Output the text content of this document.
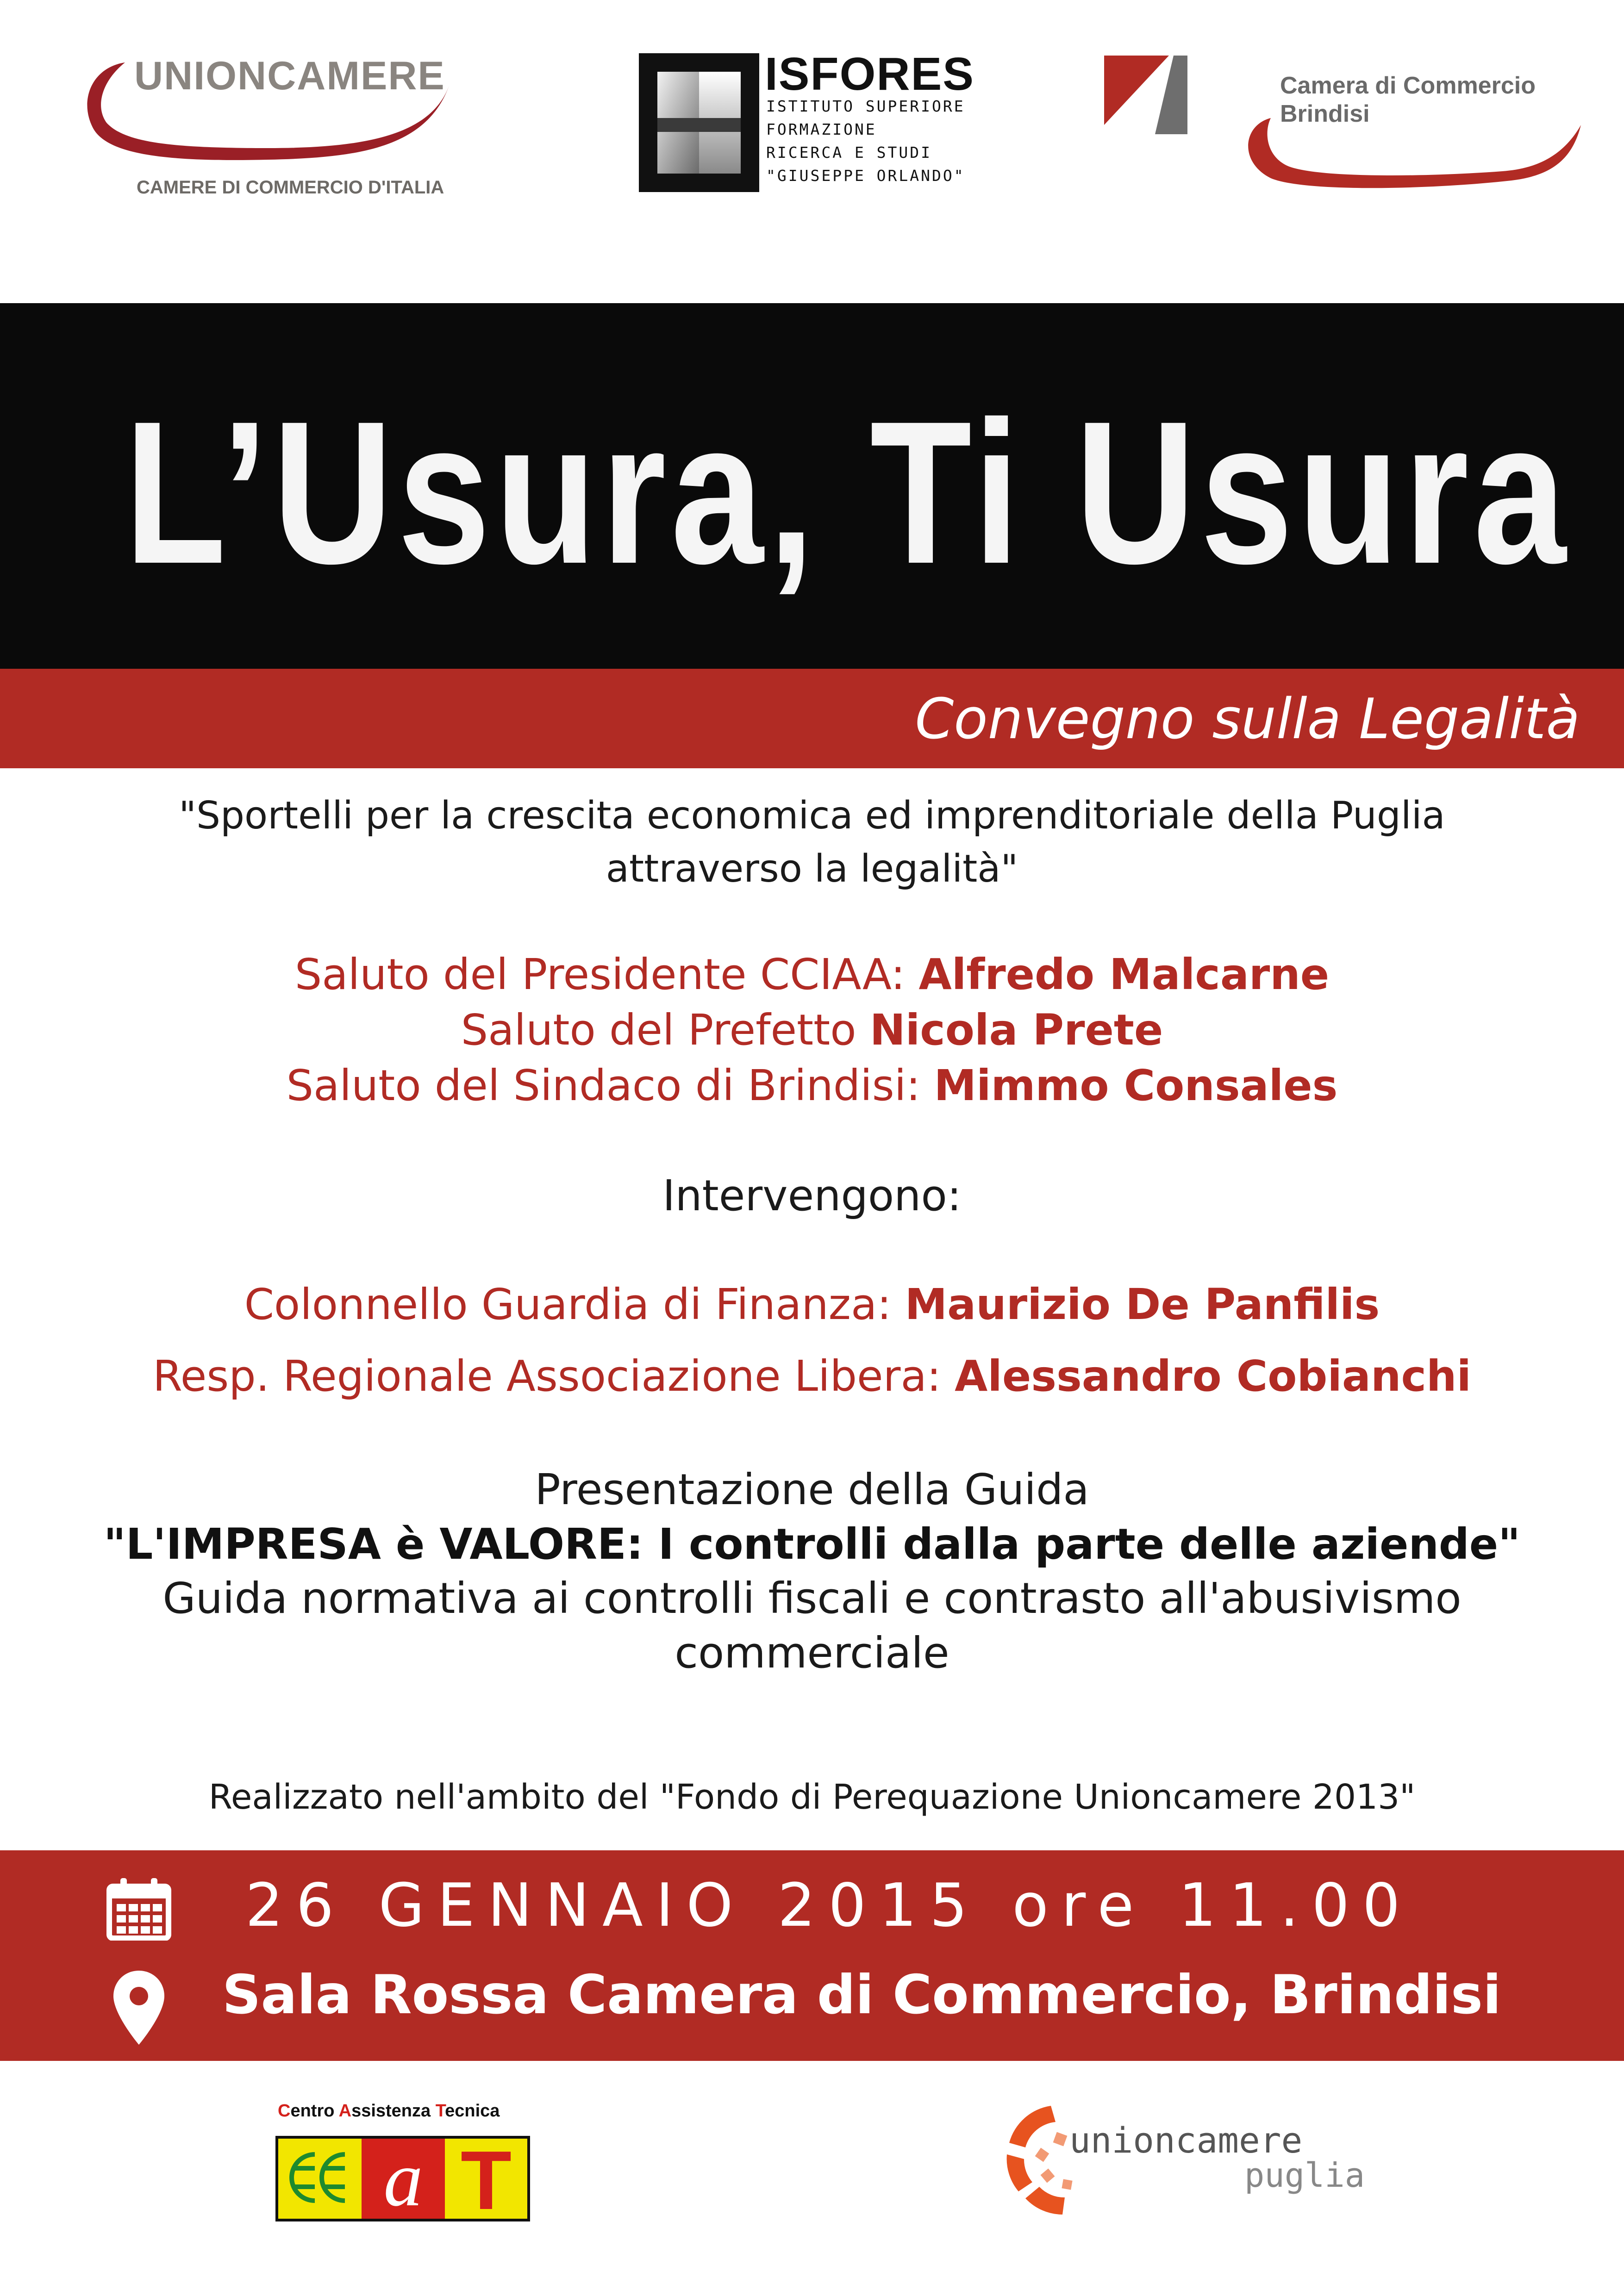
UNIONCAMERE
CAMERE DI COMMERCIO D'ITALIA
ISFORES
ISTITUTO SUPERIORE
FORMAZIONE
RICERCA E STUDI
"GIUSEPPE ORLANDO"
Camera di Commercio
Brindisi
L’Usura, Ti Usura
Convegno sulla Legalità
"Sportelli per la crescita economica ed imprenditoriale della Puglia
attraverso la legalità"
Saluto del Presidente CCIAA: Alfredo Malcarne
Saluto del Prefetto Nicola Prete
Saluto del Sindaco di Brindisi: Mimmo Consales
Intervengono:
Colonnello Guardia di Finanza: Maurizio De Panfilis
Resp. Regionale Associazione Libera: Alessandro Cobianchi
Presentazione della Guida
"L'IMPRESA è VALORE: I controlli dalla parte delle aziende"
Guida normativa ai controlli fiscali e contrasto all'abusivismo
commerciale
Realizzato nell'ambito del "Fondo di Perequazione Unioncamere 2013"
26 GENNAIO 2015 ore 11.00
Sala Rossa Camera di Commercio, Brindisi
Centro Assistenza Tecnica
a T	unioncamere
puglia
